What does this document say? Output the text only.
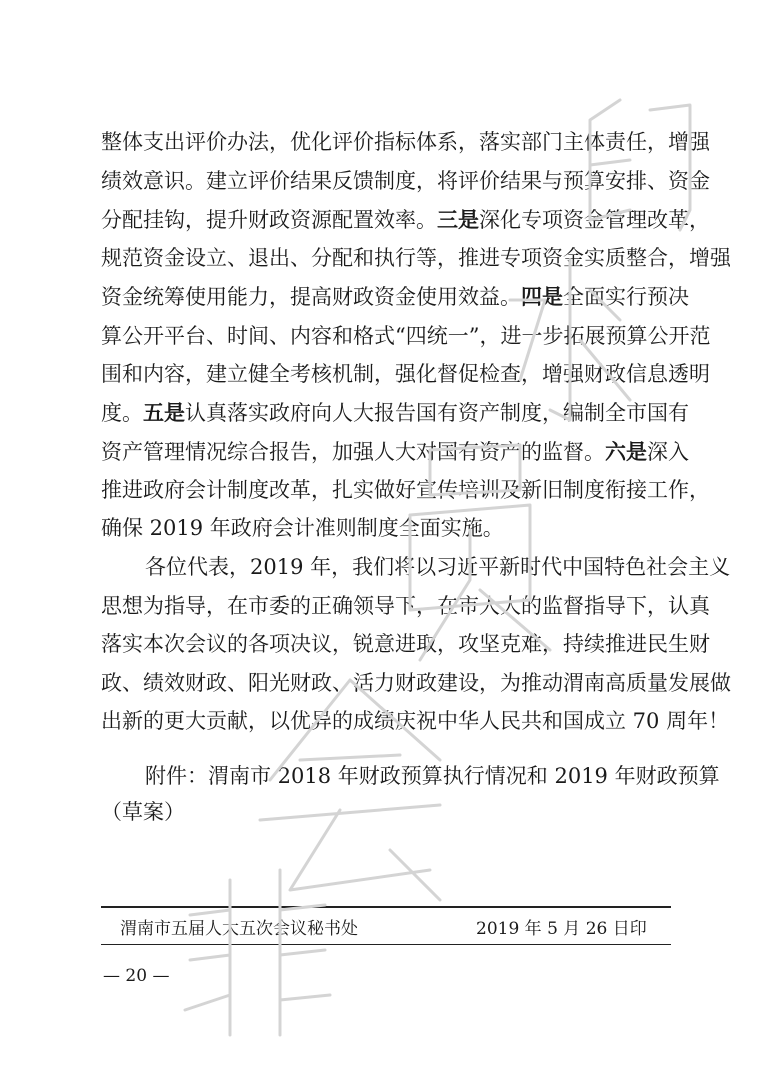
整体支出评价办法，优化评价指标体系，落实部门主体责任，增强
绩效意识。建立评价结果反馈制度，将评价结果与预算安排、资金
分配挂钩，提升财政资源配置效率。三是深化专项资金管理改革，
规范资金设立、退出、分配和执行等，推进专项资金实质整合，增强
资金统筹使用能力，提高财政资金使用效益。四是全面实行预决
算公开平台、时间、内容和格式“四统一”，进一步拓展预算公开范
围和内容，建立健全考核机制，强化督促检查，增强财政信息透明
度。五是认真落实政府向人大报告国有资产制度，编制全市国有
资产管理情况综合报告，加强人大对国有资产的监督。六是深入
推进政府会计制度改革，扎实做好宣传培训及新旧制度衔接工作，
确保 2019 年政府会计准则制度全面实施。
各位代表，2019 年，我们将以习近平新时代中国特色社会主义
思想为指导，在市委的正确领导下，在市人大的监督指导下，认真
落实本次会议的各项决议，锐意进取，攻坚克难，持续推进民生财
政、绩效财政、阳光财政、活力财政建设，为推动渭南高质量发展做
出新的更大贡献，以优异的成绩庆祝中华人民共和国成立 70 周年！
附件：渭南市 2018 年财政预算执行情况和 2019 年财政预算
（草案）
渭南市五届人大五次会议秘书处	2019 年 5 月 26 日印
— 20 —
